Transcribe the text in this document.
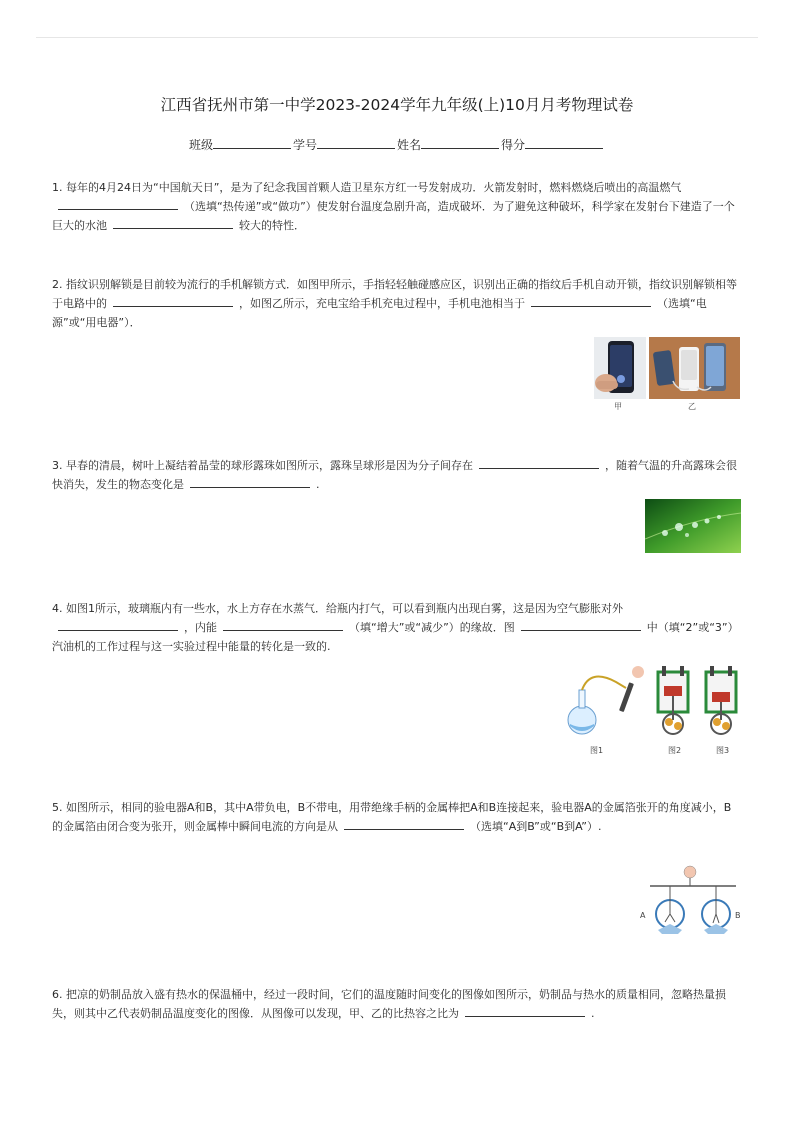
江西省抚州市第一中学2023-2024学年九年级(上)10月月考物理试卷
班级	学号	姓名	得分
1. 每年的4月24日为“中国航天日”，是为了纪念我国首颗人造卫星东方红一号发射成功．火箭发射时，燃料燃烧后喷出的高温燃气（选填“热传递”或“做功”）使发射台温度急剧升高，造成破坏．为了避免这种破坏，科学家在发射台下建造了一个巨大的水池	较大的特性．
2. 指纹识别解锁是目前较为流行的手机解锁方式．如图甲所示，手指轻轻触碰感应区，识别出正确的指纹后手机自动开锁，指纹识别解锁相等于电路中的	，如图乙所示，充电宝给手机充电过程中，手机电池相当于	（选填“电源”或“用电器”）．
甲	乙
3. 早春的清晨，树叶上凝结着晶莹的球形露珠如图所示，露珠呈球形是因为分子间存在	，随着气温的升高露珠会很快消失，发生的物态变化是	.
4. 如图1所示，玻璃瓶内有一些水，水上方存在水蒸气．给瓶内打气，可以看到瓶内出现白雾，这是因为空气膨胀对外，内能	（填“增大”或“减少”）的缘故．图	中（填“2”或“3”）汽油机的工作过程与这一实验过程中能量的转化是一致的.
图1	图2	图3
5. 如图所示，相同的验电器A和B，其中A带负电，B不带电，用带绝缘手柄的金属棒把A和B连接起来，验电器A的金属箔张开的角度减小，B的金属箔由闭合变为张开，则金属棒中瞬间电流的方向是从	（选填“A到B”或“B到A”）.
A	B
6. 把凉的奶制品放入盛有热水的保温桶中，经过一段时间，它们的温度随时间变化的图像如图所示，奶制品与热水的质量相同，忽略热量损失，则其中乙代表奶制品温度变化的图像．从图像可以发现，甲、乙的比热容之比为	.
